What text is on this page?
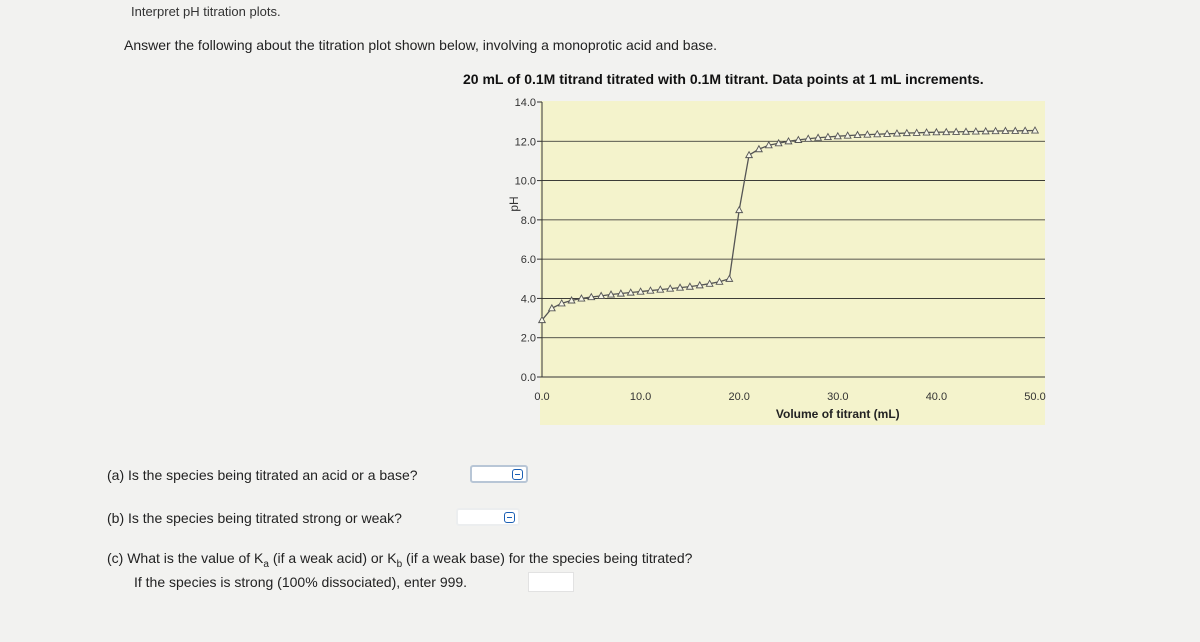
Interpret pH titration plots.
Answer the following about the titration plot shown below, involving a monoprotic acid and base.
20 mL of 0.1M titrand titrated with 0.1M titrant. Data points at 1 mL increments.
0.0
2.0
4.0
6.0
8.0
10.0
12.0
14.0
0.0	10.0	20.0	30.0	40.0	50.0
pH
Volume of titrant (mL)
(a) Is the species being titrated an acid or a base?
(b) Is the species being titrated strong or weak?
(c) What is the value of $K_a$ (if a weak acid) or $K_b$ (if a weak base) for the species being titrated?
If the species is strong (100% dissociated), enter 999.
